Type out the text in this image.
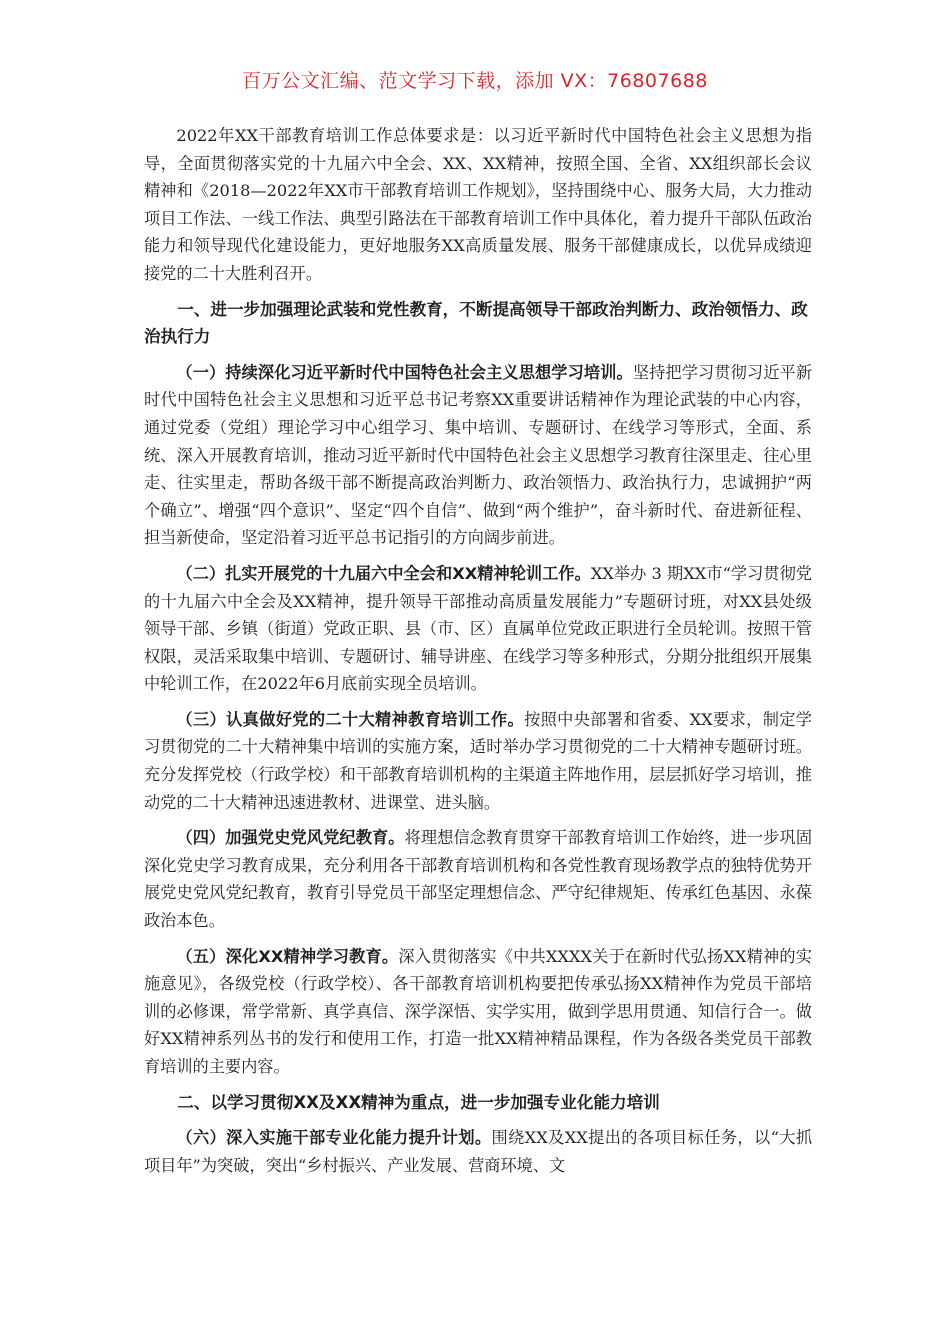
百万公文汇编、范文学习下载，添加 VX：76807688

2022年XX干部教育培训工作总体要求是：以习近平新时代中国特色社会主义思想为指导，全面贯彻落实党的十九届六中全会、XX、XX精神，按照全国、全省、XX组织部长会议精神和《2018—2022年XX市干部教育培训工作规划》，坚持围绕中心、服务大局，大力推动项目工作法、一线工作法、典型引路法在干部教育培训工作中具体化，着力提升干部队伍政治能力和领导现代化建设能力，更好地服务XX高质量发展、服务干部健康成长，以优异成绩迎接党的二十大胜利召开。

一、进一步加强理论武装和党性教育，不断提高领导干部政治判断力、政治领悟力、政治执行力

（一）持续深化习近平新时代中国特色社会主义思想学习培训。坚持把学习贯彻习近平新时代中国特色社会主义思想和习近平总书记考察XX重要讲话精神作为理论武装的中心内容，通过党委（党组）理论学习中心组学习、集中培训、专题研讨、在线学习等形式，全面、系统、深入开展教育培训，推动习近平新时代中国特色社会主义思想学习教育往深里走、往心里走、往实里走，帮助各级干部不断提高政治判断力、政治领悟力、政治执行力，忠诚拥护“两个确立”、增强“四个意识”、坚定“四个自信”、做到“两个维护”，奋斗新时代、奋进新征程、担当新使命，坚定沿着习近平总书记指引的方向阔步前进。

（二）扎实开展党的十九届六中全会和XX精神轮训工作。XX举办 3 期XX市“学习贯彻党的十九届六中全会及XX精神，提升领导干部推动高质量发展能力”专题研讨班，对XX县处级领导干部、乡镇（街道）党政正职、县（市、区）直属单位党政正职进行全员轮训。按照干管权限，灵活采取集中培训、专题研讨、辅导讲座、在线学习等多种形式，分期分批组织开展集中轮训工作，在2022年6月底前实现全员培训。

（三）认真做好党的二十大精神教育培训工作。按照中央部署和省委、XX要求，制定学习贯彻党的二十大精神集中培训的实施方案，适时举办学习贯彻党的二十大精神专题研讨班。充分发挥党校（行政学校）和干部教育培训机构的主渠道主阵地作用，层层抓好学习培训，推动党的二十大精神迅速进教材、进课堂、进头脑。

（四）加强党史党风党纪教育。将理想信念教育贯穿干部教育培训工作始终，进一步巩固深化党史学习教育成果，充分利用各干部教育培训机构和各党性教育现场教学点的独特优势开展党史党风党纪教育，教育引导党员干部坚定理想信念、严守纪律规矩、传承红色基因、永葆政治本色。

（五）深化XX精神学习教育。深入贯彻落实《中共XXXX关于在新时代弘扬XX精神的实施意见》，各级党校（行政学校）、各干部教育培训机构要把传承弘扬XX精神作为党员干部培训的必修课，常学常新、真学真信、深学深悟、实学实用，做到学思用贯通、知信行合一。做好XX精神系列丛书的发行和使用工作，打造一批XX精神精品课程，作为各级各类党员干部教育培训的主要内容。

二、以学习贯彻XX及XX精神为重点，进一步加强专业化能力培训

（六）深入实施干部专业化能力提升计划。围绕XX及XX提出的各项目标任务，以“大抓项目年”为突破，突出“乡村振兴、产业发展、营商环境、文
